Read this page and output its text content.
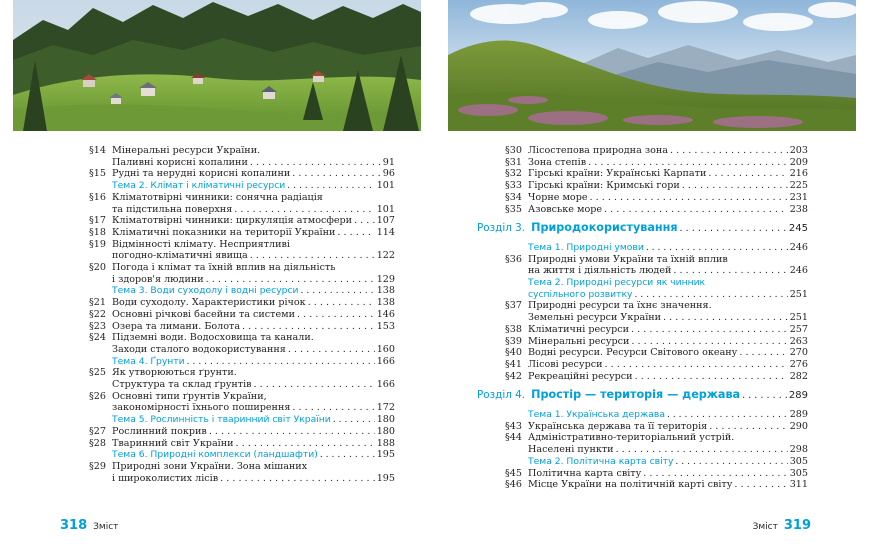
§14 Мінеральні ресурси України.
Паливні корисні копалини . . .	91
§15 Рудні та нерудні корисні копалини . . .	96
Тема 2. Клімат і кліматичні ресурси . . .	101
§16 Кліматотвірні чинники: сонячна радіація
та підстильна поверхня . . .	101
§17 Кліматотвірні чинники: циркуляція атмосфери . . .	107
§18 Кліматичні показники на території України . . .	114
§19 Відмінності клімату. Несприятливі
погодно-кліматичні явища . . .	122
§20 Погода і клімат та їхній вплив на діяльність
і здоров'я людини . . .	129
Тема 3. Води суходолу і водні ресурси . . .	138
§21 Води суходолу. Характеристики річок . . .	138
§22 Основні річкові басейни та системи . . .	146
§23 Озера та лимани. Болота . . .	153
§24 Підземні води. Водосховища та канали.
Заходи сталого водокористування . . .	160
Тема 4. Ґрунти . . .	166
§25 Як утворюються ґрунти.
Структура та склад ґрунтів . . .	166
§26 Основні типи ґрунтів України,
закономірності їхнього поширення . . .	172
Тема 5. Рослинність і тваринний світ України . . .	180
§27 Рослинний покрив . . .	180
§28 Тваринний світ України . . .	188
Тема 6. Природні комплекси (ландшафти) . . .	195
§29 Природні зони України. Зона мішаних
і широколистих лісів . . .	195
§30 Лісостепова природна зона . . .	203
§31 Зона степів . . .	209
§32 Гірські країни: Українські Карпати . . .	216
§33 Гірські країни: Кримські гори . . .	225
§34 Чорне море . . .	231
§35 Азовське море . . .	238
Розділ 3. Природокористування . . .	245
Тема 1. Природні умови . . .	246
§36 Природні умови України та їхній вплив
на життя і діяльність людей . . .	246
Тема 2. Природні ресурси як чинник
суспільного розвитку . . .	251
§37 Природні ресурси та їхнє значення.
Земельні ресурси України . . .	251
§38 Кліматичні ресурси . . .	257
§39 Мінеральні ресурси . . .	263
§40 Водні ресурси. Ресурси Світового океану . . .	270
§41 Лісові ресурси . . .	276
§42 Рекреаційні ресурси . . .	282
Розділ 4. Простір — територія — держава . . .	289
Тема 1. Українська держава . . .	289
§43 Українська держава та її територія . . .	290
§44 Адміністративно-територіальний устрій.
Населені пункти . . .	298
Тема 2. Політична карта світу . . .	305
§45 Політична карта світу . . .	305
§46 Місце України на політичній карті світу . . .	311
318 Зміст	Зміст 319
